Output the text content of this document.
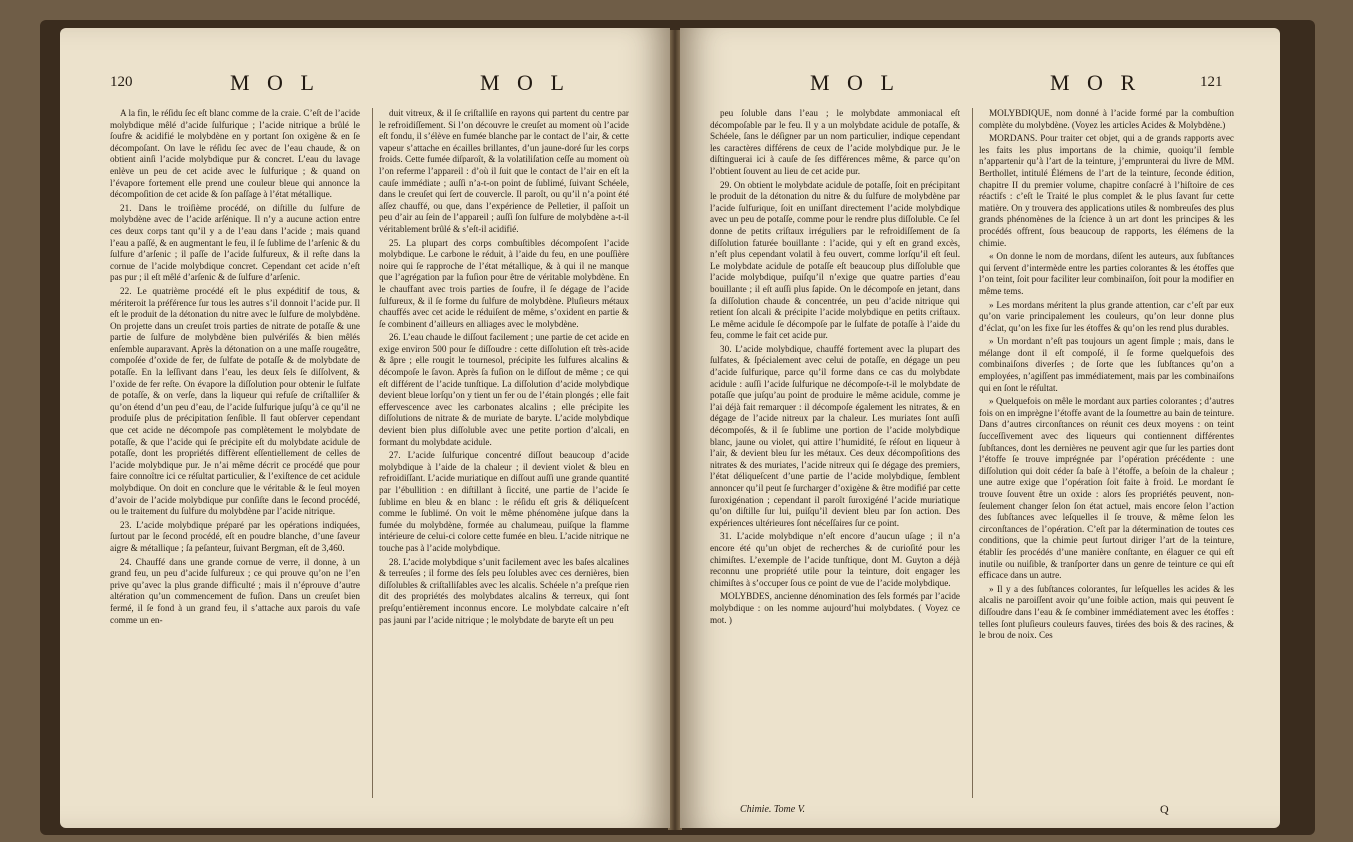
120	M O L	M O L

A la fin, le réſidu ſec eſt blanc comme de la craie. C’eſt de l’acide molybdique mêlé d’acide ſulfurique ; l’acide nitrique a brûlé le ſoufre & acidifié le molybdène en y portant ſon oxigène & en ſe décompoſant. On lave le réſidu ſec avec de l’eau chaude, & on obtient ainſi l’acide molybdique pur & concret. L’eau du lavage enlève un peu de cet acide avec le ſulfurique ; & quand on l’évapore fortement elle prend une couleur bleue qui annonce la décompoſition de cet acide & ſon paſſage à l’état métallique.

21. Dans le troiſième procédé, on diſtille du ſulfure de molybdène avec de l’acide arſénique. Il n’y a aucune action entre ces deux corps tant qu’il y a de l’eau dans l’acide ; mais quand l’eau a paſſé, & en augmentant le feu, il ſe ſublime de l’arſenic & du ſulfure d’arſenic ; il paſſe de l’acide ſulfureux, & il reſte dans la cornue de l’acide molybdique concret. Cependant cet acide n’eſt pas pur ; il eſt mêlé d’arſenic & de ſulfure d’arſenic.

22. Le quatrième procédé eſt le plus expéditif de tous, & mériteroit la préférence ſur tous les autres s’il donnoit l’acide pur. Il eſt le produit de la détonation du nitre avec le ſulfure de molybdène. On projette dans un creuſet trois parties de nitrate de potaſſe & une partie de ſulfure de molybdène bien pulvériſés & bien mêlés enſemble auparavant. Après la détonation on a une maſſe rougeâtre, compoſée d’oxide de fer, de ſulfate de potaſſe & de molybdate de potaſſe. En la leſſivant dans l’eau, les deux ſels ſe diſſolvent, & l’oxide de fer reſte. On évapore la diſſolution pour obtenir le ſulfate de potaſſe, & on verſe, dans la liqueur qui refuſe de criſtalliſer & qu’on étend d’un peu d’eau, de l’acide ſulfurique juſqu’à ce qu’il ne produiſe plus de précipitation ſenſible. Il faut obſerver cependant que cet acide ne décompoſe pas complètement le molybdate de potaſſe, & que l’acide qui ſe précipite eſt du molybdate acidule de potaſſe, dont les propriétés diffèrent eſſentiellement de celles de l’acide molybdique pur. Je n’ai même décrit ce procédé que pour faire connoître ici ce réſultat particulier, & l’exiſtence de cet acidule molybdique. On doit en conclure que le véritable & le ſeul moyen d’avoir de l’acide molybdique pur conſiſte dans le ſecond procédé, ou le traitement du ſulfure du molybdène par l’acide nitrique.

23. L’acide molybdique préparé par les opérations indiquées, ſurtout par le ſecond procédé, eſt en poudre blanche, d’une ſaveur aigre & métallique ; ſa peſanteur, ſuivant Bergman, eſt de 3,460.

24. Chauffé dans une grande cornue de verre, il donne, à un grand feu, un peu d’acide ſulfureux ; ce qui prouve qu’on ne l’en prive qu’avec la plus grande difficulté ; mais il n’éprouve d’autre altération qu’un commencement de fuſion. Dans un creuſet bien fermé, il ſe fond à un grand feu, il s’attache aux parois du vaſe comme un en-

duit vitreux, & il ſe criſtalliſe en rayons qui partent du centre par le refroidiſſement. Si l’on découvre le creuſet au moment où l’acide eſt fondu, il s’élève en fumée blanche par le contact de l’air, & cette vapeur s’attache en écailles brillantes, d’un jaune-doré ſur les corps froids. Cette fumée diſparoît, & la volatiliſation ceſſe au moment où l’on referme l’appareil : d’où il ſuit que le contact de l’air en eſt la cauſe immédiate ; auſſi n’a-t-on point de ſublimé, ſuivant Schéele, dans le creuſet qui ſert de couvercle. Il paroît, ou qu’il n’a point été aſſez chauffé, ou que, dans l’expérience de Pelletier, il paſſoit un peu d’air au ſein de l’appareil ; auſſi ſon ſulfure de molybdène a-t-il véritablement brûlé & s’eſt-il acidifié.

25. La plupart des corps combuſtibles décompoſent l’acide molybdique. Le carbone le réduit, à l’aide du feu, en une pouſſière noire qui ſe rapproche de l’état métallique, & à qui il ne manque que l’agrégation par la fuſion pour être de véritable molybdène. En le chauffant avec trois parties de ſoufre, il ſe dégage de l’acide ſulfureux, & il ſe forme du ſulfure de molybdène. Pluſieurs métaux chauffés avec cet acide le réduiſent de même, s’oxident en partie & ſe combinent d’ailleurs en alliages avec le molybdène.

26. L’eau chaude le diſſout facilement ; une partie de cet acide en exige environ 500 pour ſe diſſoudre : cette diſſolution eſt très-acide & âpre ; elle rougit le tournesol, précipite les ſulfures alcalins & décompoſe le ſavon. Après ſa fuſion on le diſſout de même ; ce qui eſt différent de l’acide tunſtique. La diſſolution d’acide molybdique devient bleue lorſqu’on y tient un fer ou de l’étain plongés ; elle fait effervescence avec les carbonates alcalins ; elle précipite les diſſolutions de nitrate & de muriate de baryte. L’acide molybdique devient bien plus diſſoluble avec une petite portion d’alcali, en formant du molybdate acidule.

27. L’acide ſulfurique concentré diſſout beaucoup d’acide molybdique à l’aide de la chaleur ; il devient violet & bleu en refroidiſſant. L’acide muriatique en diſſout auſſi une grande quantité par l’ébullition : en diſtillant à ſiccité, une partie de l’acide ſe ſublime en bleu & en blanc : le réſidu eſt gris & déliqueſcent comme le ſublimé. On voit le même phénomène juſque dans la fumée du molybdène, formée au chalumeau, puiſque la flamme intérieure de celui-ci colore cette fumée en bleu. L’acide nitrique ne touche pas à l’acide molybdique.

28. L’acide molybdique s’unit facilement avec les baſes alcalines & terreuſes ; il forme des ſels peu ſolubles avec ces dernières, bien diſſolubles & criſtalliſables avec les alcalis. Schéele n’a preſque rien dit des propriétés des molybdates alcalins & terreux, qui ſont preſqu’entièrement inconnus encore. Le molybdate calcaire n’eſt pas jauni par l’acide nitrique ; le molybdate de baryte eſt un peu

M O L	M O R	121

peu ſoluble dans l’eau ; le molybdate ammoniacal eſt décompoſable par le feu. Il y a un molybdate acidule de potaſſe, & Schéele, ſans le déſigner par un nom particulier, indique cependant les caractères différens de ceux de l’acide molybdique pur. Je le diſtinguerai ici à cauſe de ſes différences même, & parce qu’on l’obtient ſouvent au lieu de cet acide pur.

29. On obtient le molybdate acidule de potaſſe, ſoit en précipitant le produit de la détonation du nitre & du ſulfure de molybdène par l’acide ſulfurique, ſoit en uniſſant directement l’acide molybdique avec un peu de potaſſe, comme pour le rendre plus diſſoluble. Ce ſel donne de petits criſtaux irréguliers par le refroidiſſement de ſa diſſolution faturée bouillante : l’acide, qui y eſt en grand excès, n’eſt plus cependant volatil à feu ouvert, comme lorſqu’il eſt ſeul. Le molybdate acidule de potaſſe eſt beaucoup plus diſſoluble que l’acide molybdique, puiſqu’il n’exige que quatre parties d’eau bouillante ; il eſt auſſi plus ſapide. On le décompoſe en jetant, dans ſa diſſolution chaude & concentrée, un peu d’acide nitrique qui retient ſon alcali & précipite l’acide molybdique en petits criſtaux. Le même acidule ſe décompoſe par le ſulfate de potaſſe à l’aide du feu, comme le fait cet acide pur.

30. L’acide molybdique, chauffé fortement avec la plupart des ſulfates, & ſpécialement avec celui de potaſſe, en dégage un peu d’acide ſulfurique, parce qu’il forme dans ce cas du molybdate acidule : auſſi l’acide ſulfurique ne décompoſe-t-il le molybdate de potaſſe que juſqu’au point de produire le même acidule, comme je l’ai déjà fait remarquer : il décompoſe également les nitrates, & en dégage de l’acide nitreux par la chaleur. Les muriates ſont auſſi décompoſés, & il ſe ſublime une portion de l’acide molybdique blanc, jaune ou violet, qui attire l’humidité, ſe réſout en liqueur à l’air, & devient bleu ſur les métaux. Ces deux décompoſitions des nitrates & des muriates, l’acide nitreux qui ſe dégage des premiers, l’état déliqueſcent d’une partie de l’acide molybdique, ſemblent annoncer qu’il peut ſe ſurcharger d’oxigène & être modifié par cette ſuroxigénation ; cependant il paroît ſuroxigéné l’acide muriatique qu’on diſtille ſur lui, puiſqu’il devient bleu par ſon action. Des expériences ultérieures ſont néceſſaires ſur ce point.

31. L’acide molybdique n’eſt encore d’aucun uſage ; il n’a encore été qu’un objet de recherches & de curioſité pour les chimiſtes. L’exemple de l’acide tunſtique, dont M. Guyton a déjà reconnu une propriété utile pour la teinture, doit engager les chimiſtes à s’occuper ſous ce point de vue de l’acide molybdique.

MOLYBDES, ancienne dénomination des ſels formés par l’acide molybdique : on les nomme aujourd’hui molybdates. ( Voyez ce mot. )

MOLYBDIQUE, nom donné à l’acide formé par la combuſtion complète du molybdène. (Voyez les articles Acides & Molybdène.)

MORDANS. Pour traiter cet objet, qui a de grands rapports avec les faits les plus importans de la chimie, quoiqu’il ſemble n’appartenir qu’à l’art de la teinture, j’emprunterai du livre de MM. Berthollet, intitulé Élémens de l’art de la teinture, ſeconde édition, chapitre II du premier volume, chapitre conſacré à l’hiſtoire de ces réactifs : c’eſt le Traité le plus complet & le plus ſavant ſur cette matière. On y trouvera des applications utiles & nombreuſes des plus grands phénomènes de la ſcience à un art dont les principes & les procédés offrent, ſous beaucoup de rapports, les élémens de la chimie.

« On donne le nom de mordans, diſent les auteurs, aux ſubſtances qui ſervent d’intermède entre les parties colorantes & les étoffes que l’on teint, ſoit pour faciliter leur combinaiſon, ſoit pour la modifier en même tems.

» Les mordans méritent la plus grande attention, car c’eſt par eux qu’on varie principalement les couleurs, qu’on leur donne plus d’éclat, qu’on les fixe ſur les étoffes & qu’on les rend plus durables.

» Un mordant n’eſt pas toujours un agent ſimple ; mais, dans le mélange dont il eſt compoſé, il ſe forme quelquefois des combinaiſons diverſes ; de ſorte que les ſubſtances qu’on a employées, n’agiſſent pas immédiatement, mais par les combinaiſons qui en ſont le réſultat.

» Quelquefois on mêle le mordant aux parties colorantes ; d’autres fois on en imprègne l’étoffe avant de la ſoumettre au bain de teinture. Dans d’autres circonſtances on réunit ces deux moyens : on teint ſucceſſivement avec des liqueurs qui contiennent différentes ſubſtances, dont les dernières ne peuvent agir que ſur les parties dont l’étoffe ſe trouve imprégnée par l’opération précédente : une diſſolution qui doit céder ſa baſe à l’étoffe, a beſoin de la chaleur ; une autre exige que l’opération ſoit faite à froid. Le mordant ſe trouve ſouvent être un oxide : alors ſes propriétés peuvent, non-ſeulement changer ſelon ſon état actuel, mais encore ſelon l’action des ſubſtances avec leſquelles il ſe trouve, & même ſelon les circonſtances de l’opération. C’eſt par la détermination de toutes ces conditions, que la chimie peut ſurtout diriger l’art de la teinture, établir ſes procédés d’une manière conſtante, en élaguer ce qui eſt inutile ou nuiſible, & tranſporter dans un genre de teinture ce qui eſt efficace dans un autre.

» Il y a des ſubſtances colorantes, ſur leſquelles les acides & les alcalis ne paroiſſent avoir qu’une foible action, mais qui peuvent ſe diſſoudre dans l’eau & ſe combiner immédiatement avec les étoffes : telles ſont pluſieurs couleurs fauves, tirées des bois & des racines, & le brou de noix. Ces

Chimie. Tome V.	Q
